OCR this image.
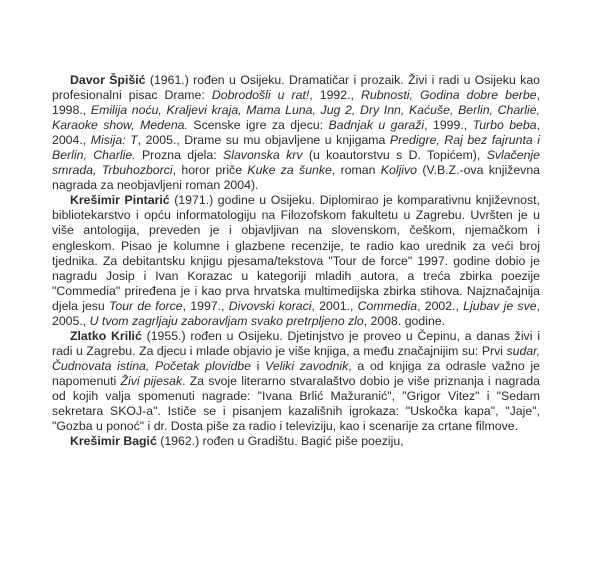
Davor Špišić (1961.) rođen u Osijeku. Dramatičar i prozaik. Živi i radi u Osijeku kao profesionalni pisac Drame: Dobrodošli u rat!, 1992., Rubnosti, Godina dobre berbe, 1998., Emilija noću, Kraljevi kraja, Mama Luna, Jug 2, Dry Inn, Kaćuše, Berlin, Charlie, Karaoke show, Medena. Scenske igre za djecu: Badnjak u garaži, 1999., Turbo beba, 2004., Misija: T, 2005., Drame su mu objavljene u knjigama Predigre, Raj bez fajrunta i Berlin, Charlie. Prozna djela: Slavonska krv (u koautorstvu s D. Topićem), Svlačenje smrada, Trbuhozborci, horor priče Kuke za šunke, roman Koljivo (V.B.Z.-ova književna nagrada za neobjavljeni roman 2004).

Krešimir Pintarić (1971.) godine u Osijeku. Diplomirao je komparativnu književnost, bibliotekarstvo i opću informatologiju na Filozofskom fakultetu u Zagrebu. Uvršten je u više antologija, preveden je i objavljivan na slovenskom, češkom, njemačkom i engleskom. Pisao je kolumne i glazbene recenzije, te radio kao urednik za veći broj tjednika. Za debitantsku knjigu pjesama/tekstova "Tour de force" 1997. godine dobio je nagradu Josip i Ivan Korazac u kategoriji mladih autora, a treća zbirka poezije "Commedia" priređena je i kao prva hrvatska multimedijska zbirka stihova. Najznačajnija djela jesu Tour de force, 1997., Divovski koraci, 2001., Commedia, 2002., Ljubav je sve, 2005., U tvom zagrljaju zaboravljam svako pretrpljeno zlo, 2008. godine.

Zlatko Krilić (1955.) rođen u Osijeku. Djetinjstvo je proveo u Čepinu, a danas živi i radi u Zagrebu. Za djecu i mlade objavio je više knjiga, a među značajnijim su: Prvi sudar, Čudnovata istina, Početak plovidbe i Veliki zavodnik, a od knjiga za odrasle važno je napomenuti Živi pijesak. Za svoje literarno stvaralaštvo dobio je više priznanja i nagrada od kojih valja spomenuti nagrade: "Ivana Brlić Mažuranić", "Grigor Vitez" i "Sedam sekretara SKOJ-a". Ističe se i pisanjem kazališnih igrokaza: "Uskočka kapa", "Jaje", "Gozba u ponoć" i dr. Dosta piše za radio i televiziju, kao i scenarije za crtane filmove.

Krešimir Bagić (1962.) rođen u Gradištu. Bagić piše poeziju,
